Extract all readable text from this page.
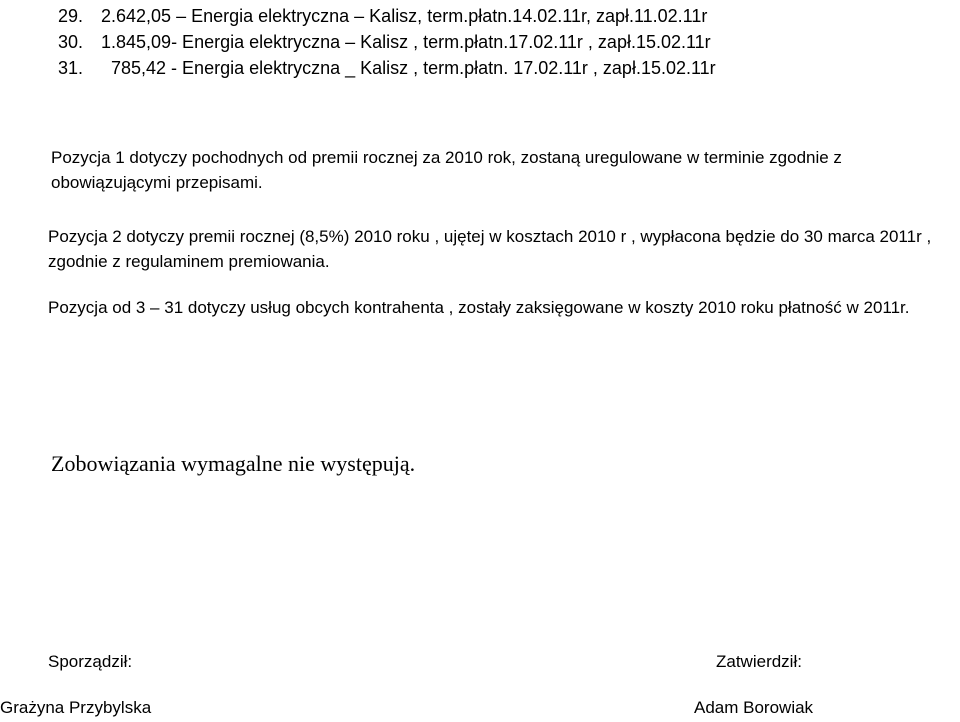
29. 2.642,05 – Energia elektryczna – Kalisz, term.płatn.14.02.11r, zapł.11.02.11r
30. 1.845,09- Energia elektryczna – Kalisz , term.płatn.17.02.11r , zapł.15.02.11r
31.  785,42 - Energia elektryczna _ Kalisz , term.płatn. 17.02.11r , zapł.15.02.11r
Pozycja 1 dotyczy pochodnych od premii rocznej za 2010 rok, zostaną uregulowane w terminie zgodnie z obowiązującymi przepisami.
Pozycja 2 dotyczy premii rocznej (8,5%) 2010 roku , ujętej w kosztach 2010 r , wypłacona będzie do 30 marca 2011r , zgodnie z regulaminem premiowania.
Pozycja od 3 – 31 dotyczy usług obcych kontrahenta , zostały zaksięgowane w koszty 2010 roku płatność w 2011r.
Zobowiązania wymagalne nie występują.
Sporządził:
Grażyna Przybylska
Zatwierdził:
Adam Borowiak
